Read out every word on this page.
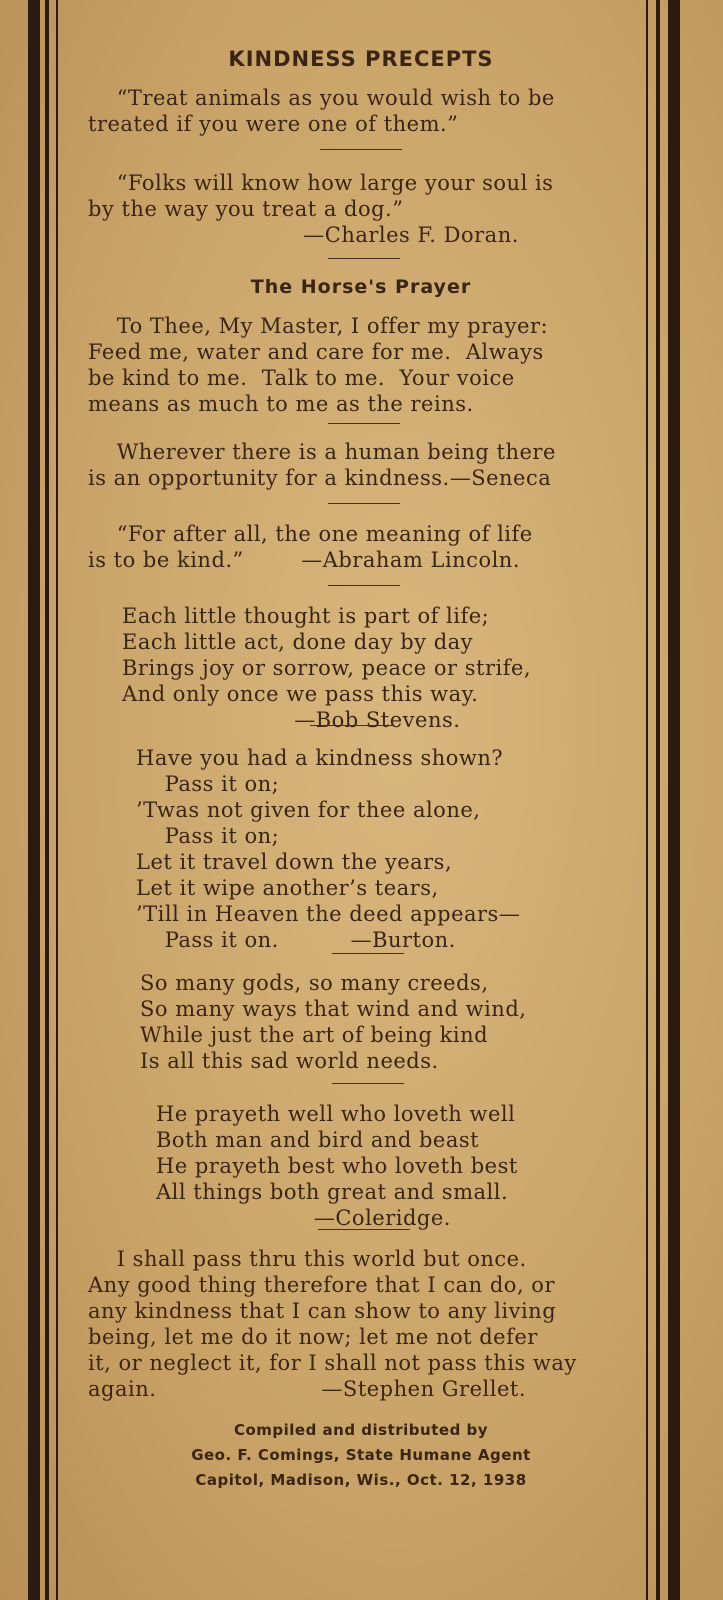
KINDNESS PRECEPTS

“Treat animals as you would wish to be
treated if you were one of them.”

“Folks will know how large your soul is
by the way you treat a dog.”
—Charles F. Doran.

The Horse's Prayer

To Thee, My Master, I offer my prayer:
Feed me, water and care for me.  Always
be kind to me.  Talk to me.  Your voice
means as much to me as the reins.

Wherever there is a human being there
is an opportunity for a kindness.—Seneca

“For after all, the one meaning of life
is to be kind.”        —Abraham Lincoln.

Each little thought is part of life;
Each little act, done day by day
Brings joy or sorrow, peace or strife,
And only once we pass this way.
—Bob Stevens.

Have you had a kindness shown?
Pass it on;
’Twas not given for thee alone,
Pass it on;
Let it travel down the years,
Let it wipe another’s tears,
’Till in Heaven the deed appears—
Pass it on.          —Burton.

So many gods, so many creeds,
So many ways that wind and wind,
While just the art of being kind
Is all this sad world needs.

He prayeth well who loveth well
Both man and bird and beast
He prayeth best who loveth best
All things both great and small.
—Coleridge.

I shall pass thru this world but once.
Any good thing therefore that I can do, or
any kindness that I can show to any living
being, let me do it now; let me not defer
it, or neglect it, for I shall not pass this way
again.                       —Stephen Grellet.

Compiled and distributed by
Geo. F. Comings, State Humane Agent
Capitol, Madison, Wis., Oct. 12, 1938
